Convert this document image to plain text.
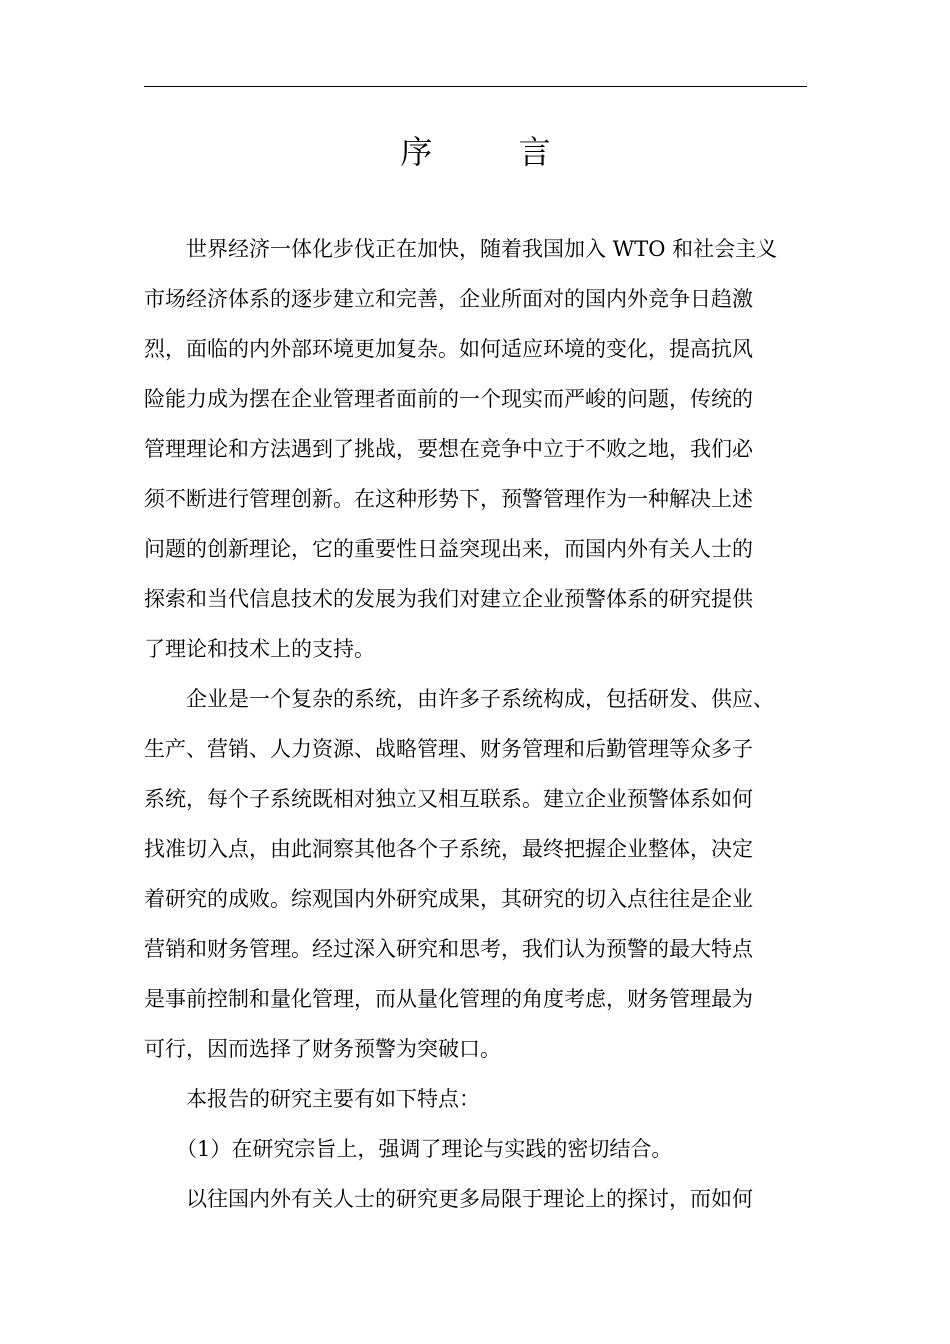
序 言
世界经济一体化步伐正在加快，随着我国加入 WTO 和社会主义
市场经济体系的逐步建立和完善，企业所面对的国内外竞争日趋激
烈，面临的内外部环境更加复杂。如何适应环境的变化，提高抗风
险能力成为摆在企业管理者面前的一个现实而严峻的问题，传统的
管理理论和方法遇到了挑战，要想在竞争中立于不败之地，我们必
须不断进行管理创新。在这种形势下，预警管理作为一种解决上述
问题的创新理论，它的重要性日益突现出来，而国内外有关人士的
探索和当代信息技术的发展为我们对建立企业预警体系的研究提供
了理论和技术上的支持。
企业是一个复杂的系统，由许多子系统构成，包括研发、供应、
生产、营销、人力资源、战略管理、财务管理和后勤管理等众多子
系统，每个子系统既相对独立又相互联系。建立企业预警体系如何
找准切入点，由此洞察其他各个子系统，最终把握企业整体，决定
着研究的成败。综观国内外研究成果，其研究的切入点往往是企业
营销和财务管理。经过深入研究和思考，我们认为预警的最大特点
是事前控制和量化管理，而从量化管理的角度考虑，财务管理最为
可行，因而选择了财务预警为突破口。
本报告的研究主要有如下特点：
（1）在研究宗旨上，强调了理论与实践的密切结合。
以往国内外有关人士的研究更多局限于理论上的探讨，而如何
